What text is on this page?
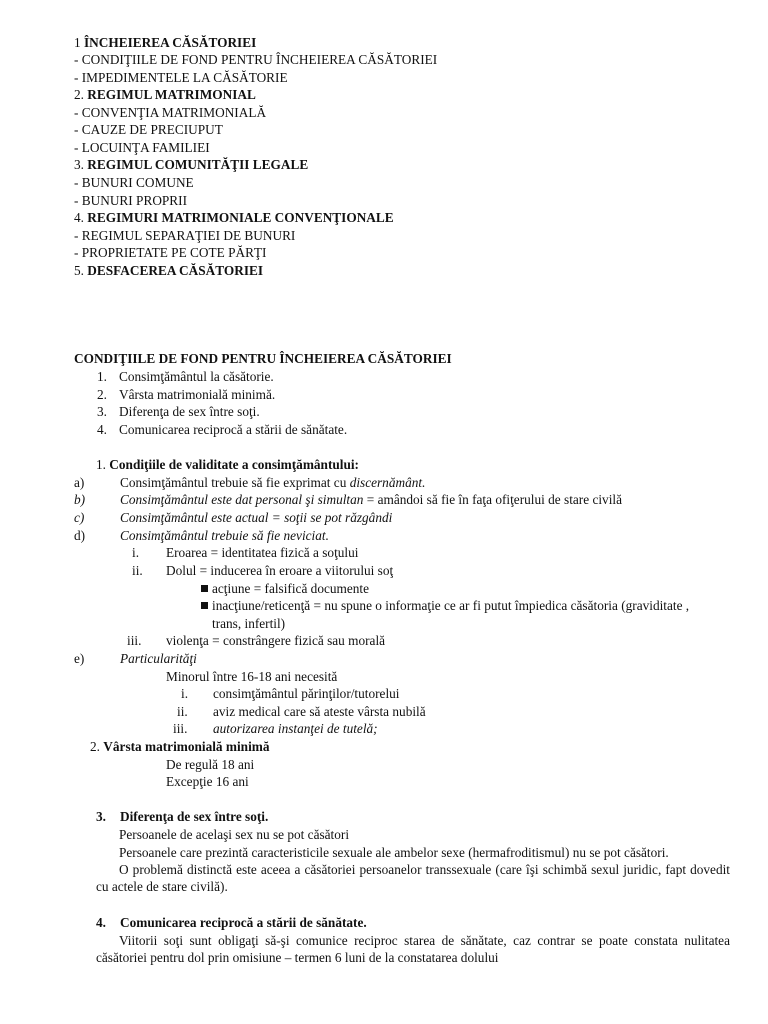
1 ÎNCHEIEREA CĂSĂTORIEI
- CONDIŢIILE DE FOND PENTRU ÎNCHEIEREA CĂSĂTORIEI
- IMPEDIMENTELE LA CĂSĂTORIE
2. REGIMUL MATRIMONIAL
- CONVENŢIA MATRIMONIALĂ
- CAUZE DE PRECIUPUT
- LOCUINŢA FAMILIEI
3. REGIMUL COMUNITĂŢII LEGALE
- BUNURI COMUNE
- BUNURI PROPRII
4. REGIMURI MATRIMONIALE CONVENŢIONALE
- REGIMUL SEPARAŢIEI DE BUNURI
- PROPRIETATE PE COTE PĂRŢI
5. DESFACEREA CĂSĂTORIEI
CONDIŢIILE DE FOND PENTRU ÎNCHEIEREA CĂSĂTORIEI
1. Consimţământul la căsătorie.
2. Vârsta matrimonială minimă.
3. Diferenţa de sex între soţi.
4. Comunicarea reciprocă a stării de sănătate.
1. Condiţiile de validitate a consimţământului:
a)	Consimţământul trebuie să fie exprimat cu discernământ.
b)	Consimţământul este dat personal şi simultan = amândoi să fie în faţa ofiţerului de stare civilă
c)	Consimţământul este actual = soţii se pot răzgândi
d)	Consimţământul trebuie să fie neviciat.
i. Eroarea = identitatea fizică a soţului
ii. Dolul = inducerea în eroare a viitorului soţ
acţiune = falsifică documente
inacţiune/reticenţă = nu spune o informaţie ce ar fi putut împiedica căsătoria (graviditate ,
trans, infertil)
iii. violenţa = constrângere fizică sau morală
e)	Particularităţi
Minorul între 16-18 ani necesită
i. consimţământul părinţilor/tutorelui
ii. aviz medical care să ateste vârsta nubilă
iii. autorizarea instanţei de tutelă;
2. Vârsta matrimonială minimă
De regulă 18 ani
Excepţie 16 ani
3. Diferenţa de sex între soţi.
Persoanele de acelaşi sex nu se pot căsători
Persoanele care prezintă caracteristicile sexuale ale ambelor sexe (hermafroditismul) nu se pot căsători.
O problemă distinctă este aceea a căsătoriei persoanelor transsexuale (care îşi schimbă sexul juridic, fapt dovedit cu actele de stare civilă).
4. Comunicarea reciprocă a stării de sănătate.
Viitorii soţi sunt obligaţi să-şi comunice reciproc starea de sănătate, caz contrar se poate constata nulitatea căsătoriei pentru dol prin omisiune – termen 6 luni de la constatarea dolului
